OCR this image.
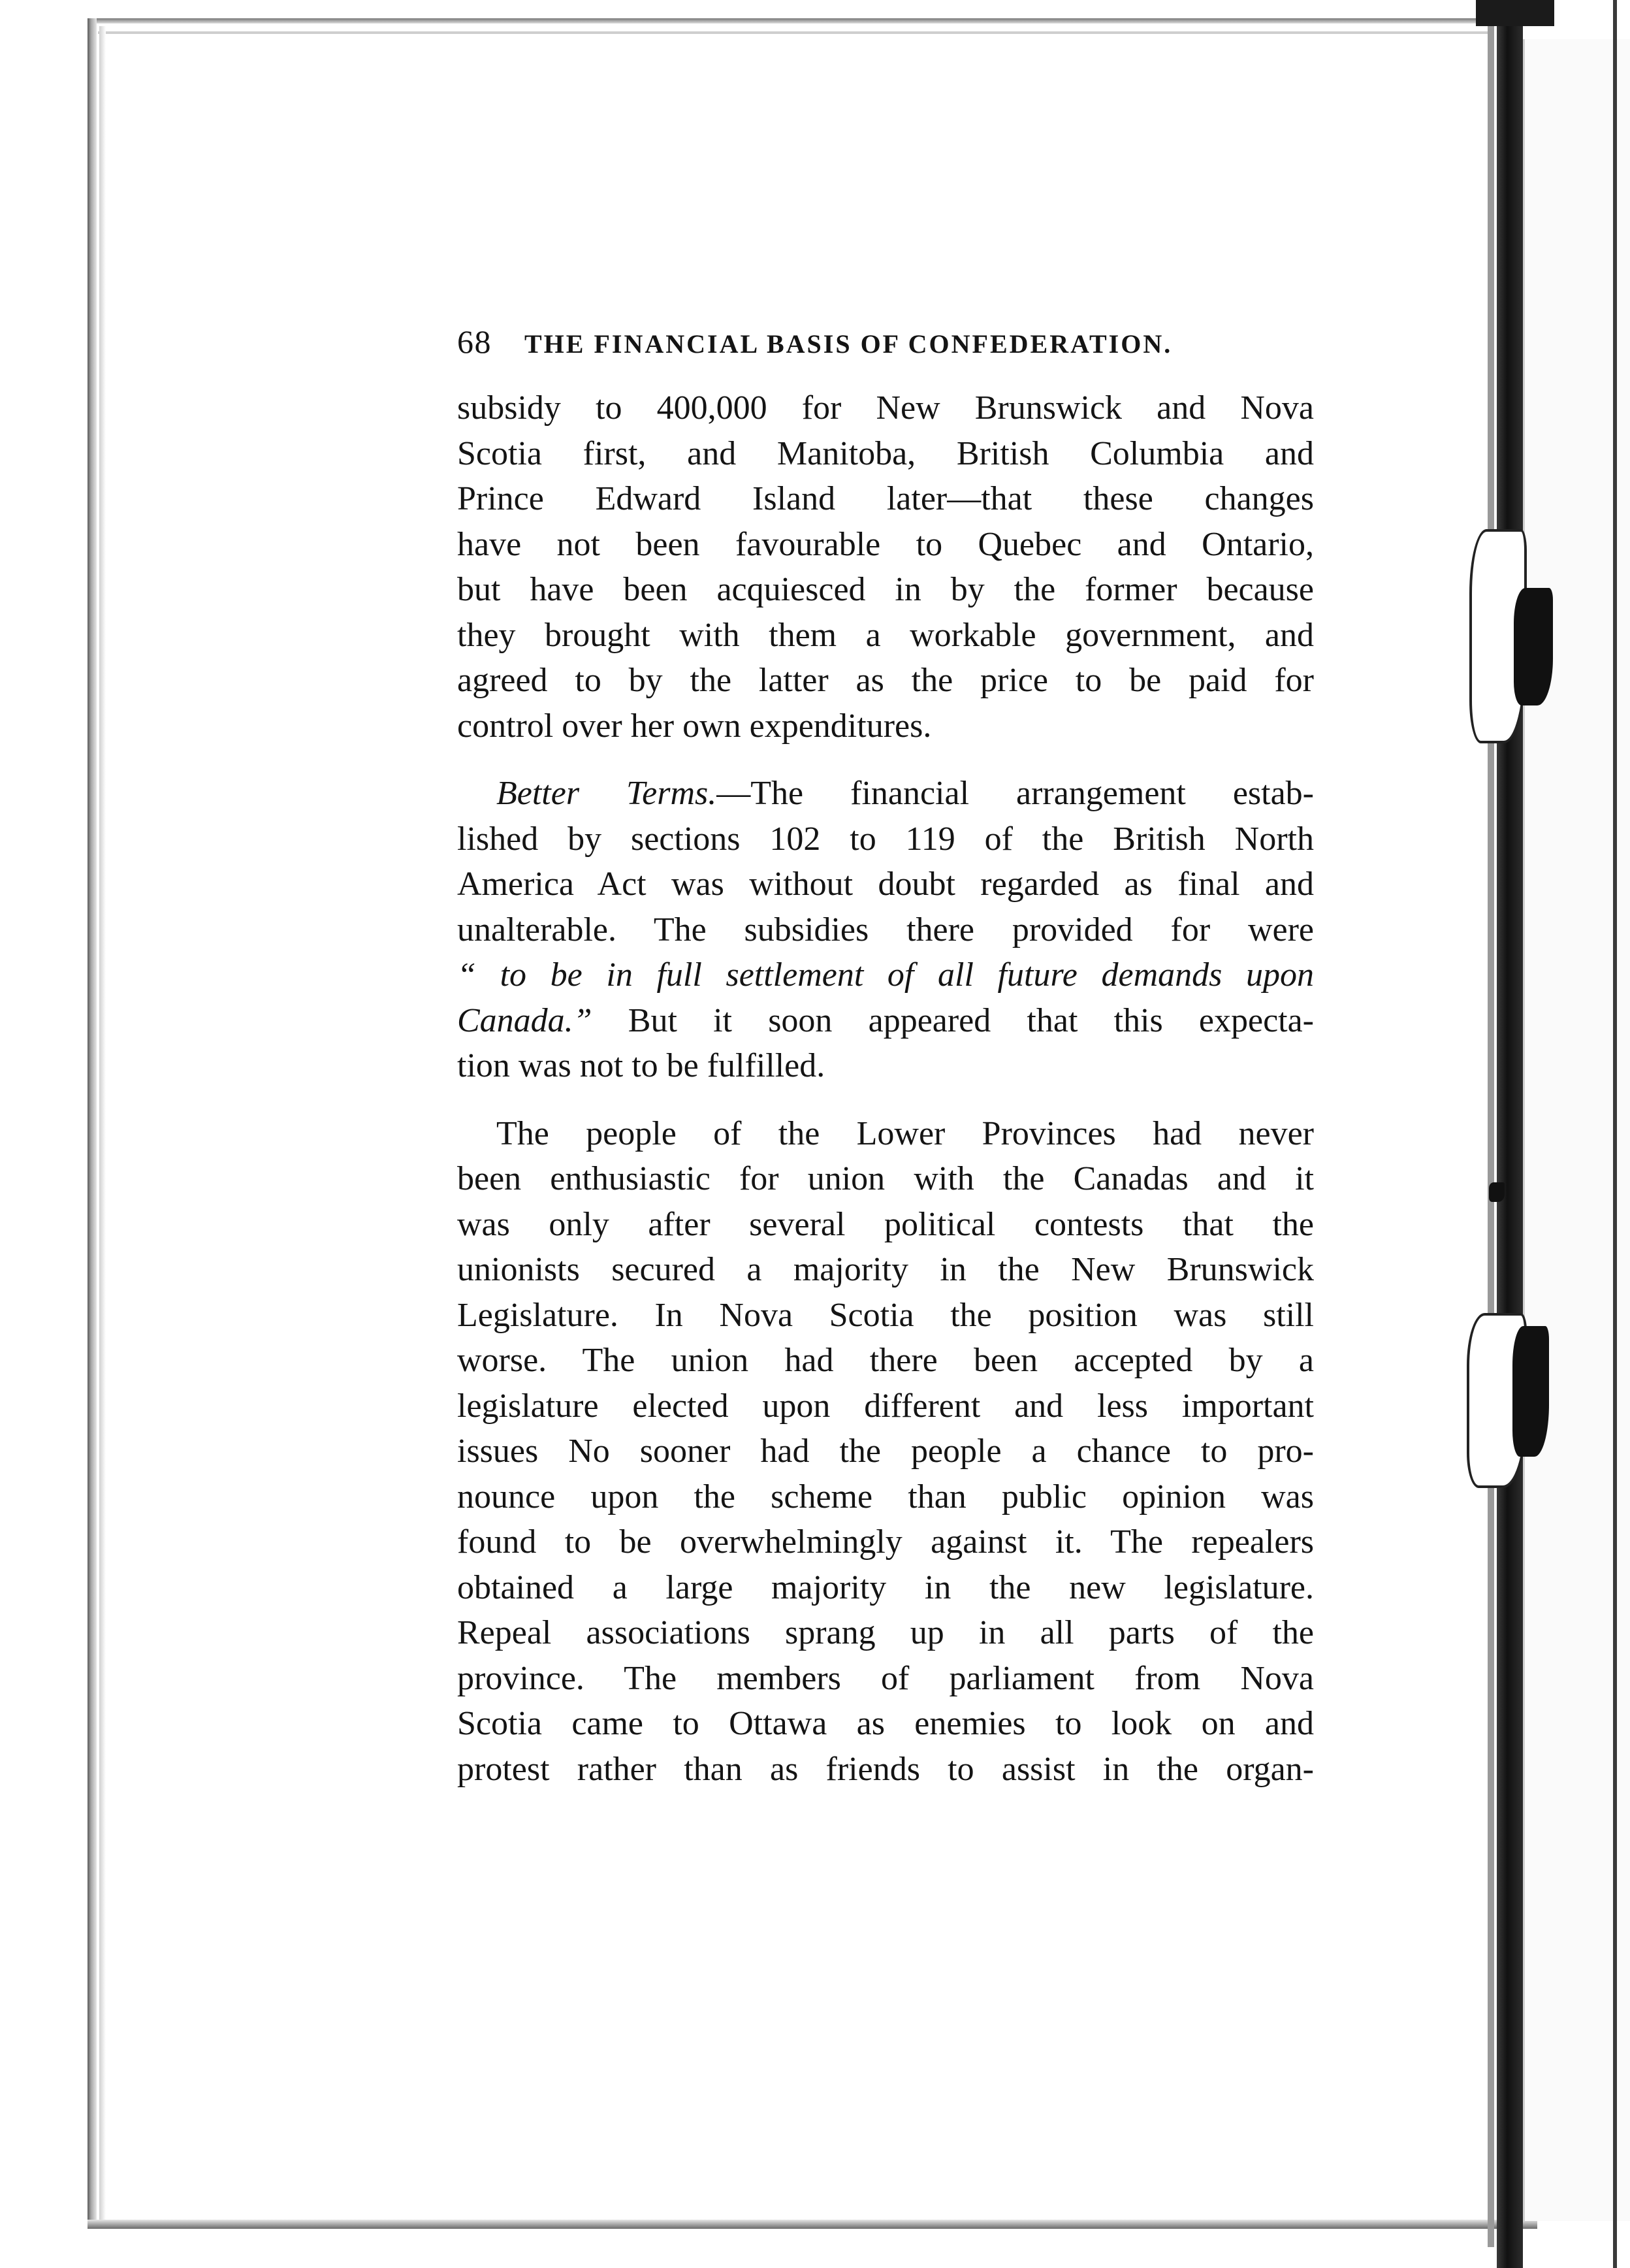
68 THE FINANCIAL BASIS OF CONFEDERATION.

subsidy to 400,000 for New Brunswick and Nova
Scotia first, and Manitoba, British Columbia and
Prince Edward Island later—that these changes
have not been favourable to Quebec and Ontario,
but have been acquiesced in by the former because
they brought with them a workable government, and
agreed to by the latter as the price to be paid for
control over her own expenditures.

Better Terms.—The financial arrangement estab-
lished by sections 102 to 119 of the British North
America Act was without doubt regarded as final and
unalterable. The subsidies there provided for were
“ to be in full settlement of all future demands upon
Canada.” But it soon appeared that this expecta-
tion was not to be fulfilled.

The people of the Lower Provinces had never
been enthusiastic for union with the Canadas and it
was only after several political contests that the
unionists secured a majority in the New Brunswick
Legislature. In Nova Scotia the position was still
worse. The union had there been accepted by a
legislature elected upon different and less important
issues No sooner had the people a chance to pro-
nounce upon the scheme than public opinion was
found to be overwhelmingly against it. The repealers
obtained a large majority in the new legislature.
Repeal associations sprang up in all parts of the
province. The members of parliament from Nova
Scotia came to Ottawa as enemies to look on and
protest rather than as friends to assist in the organ-
